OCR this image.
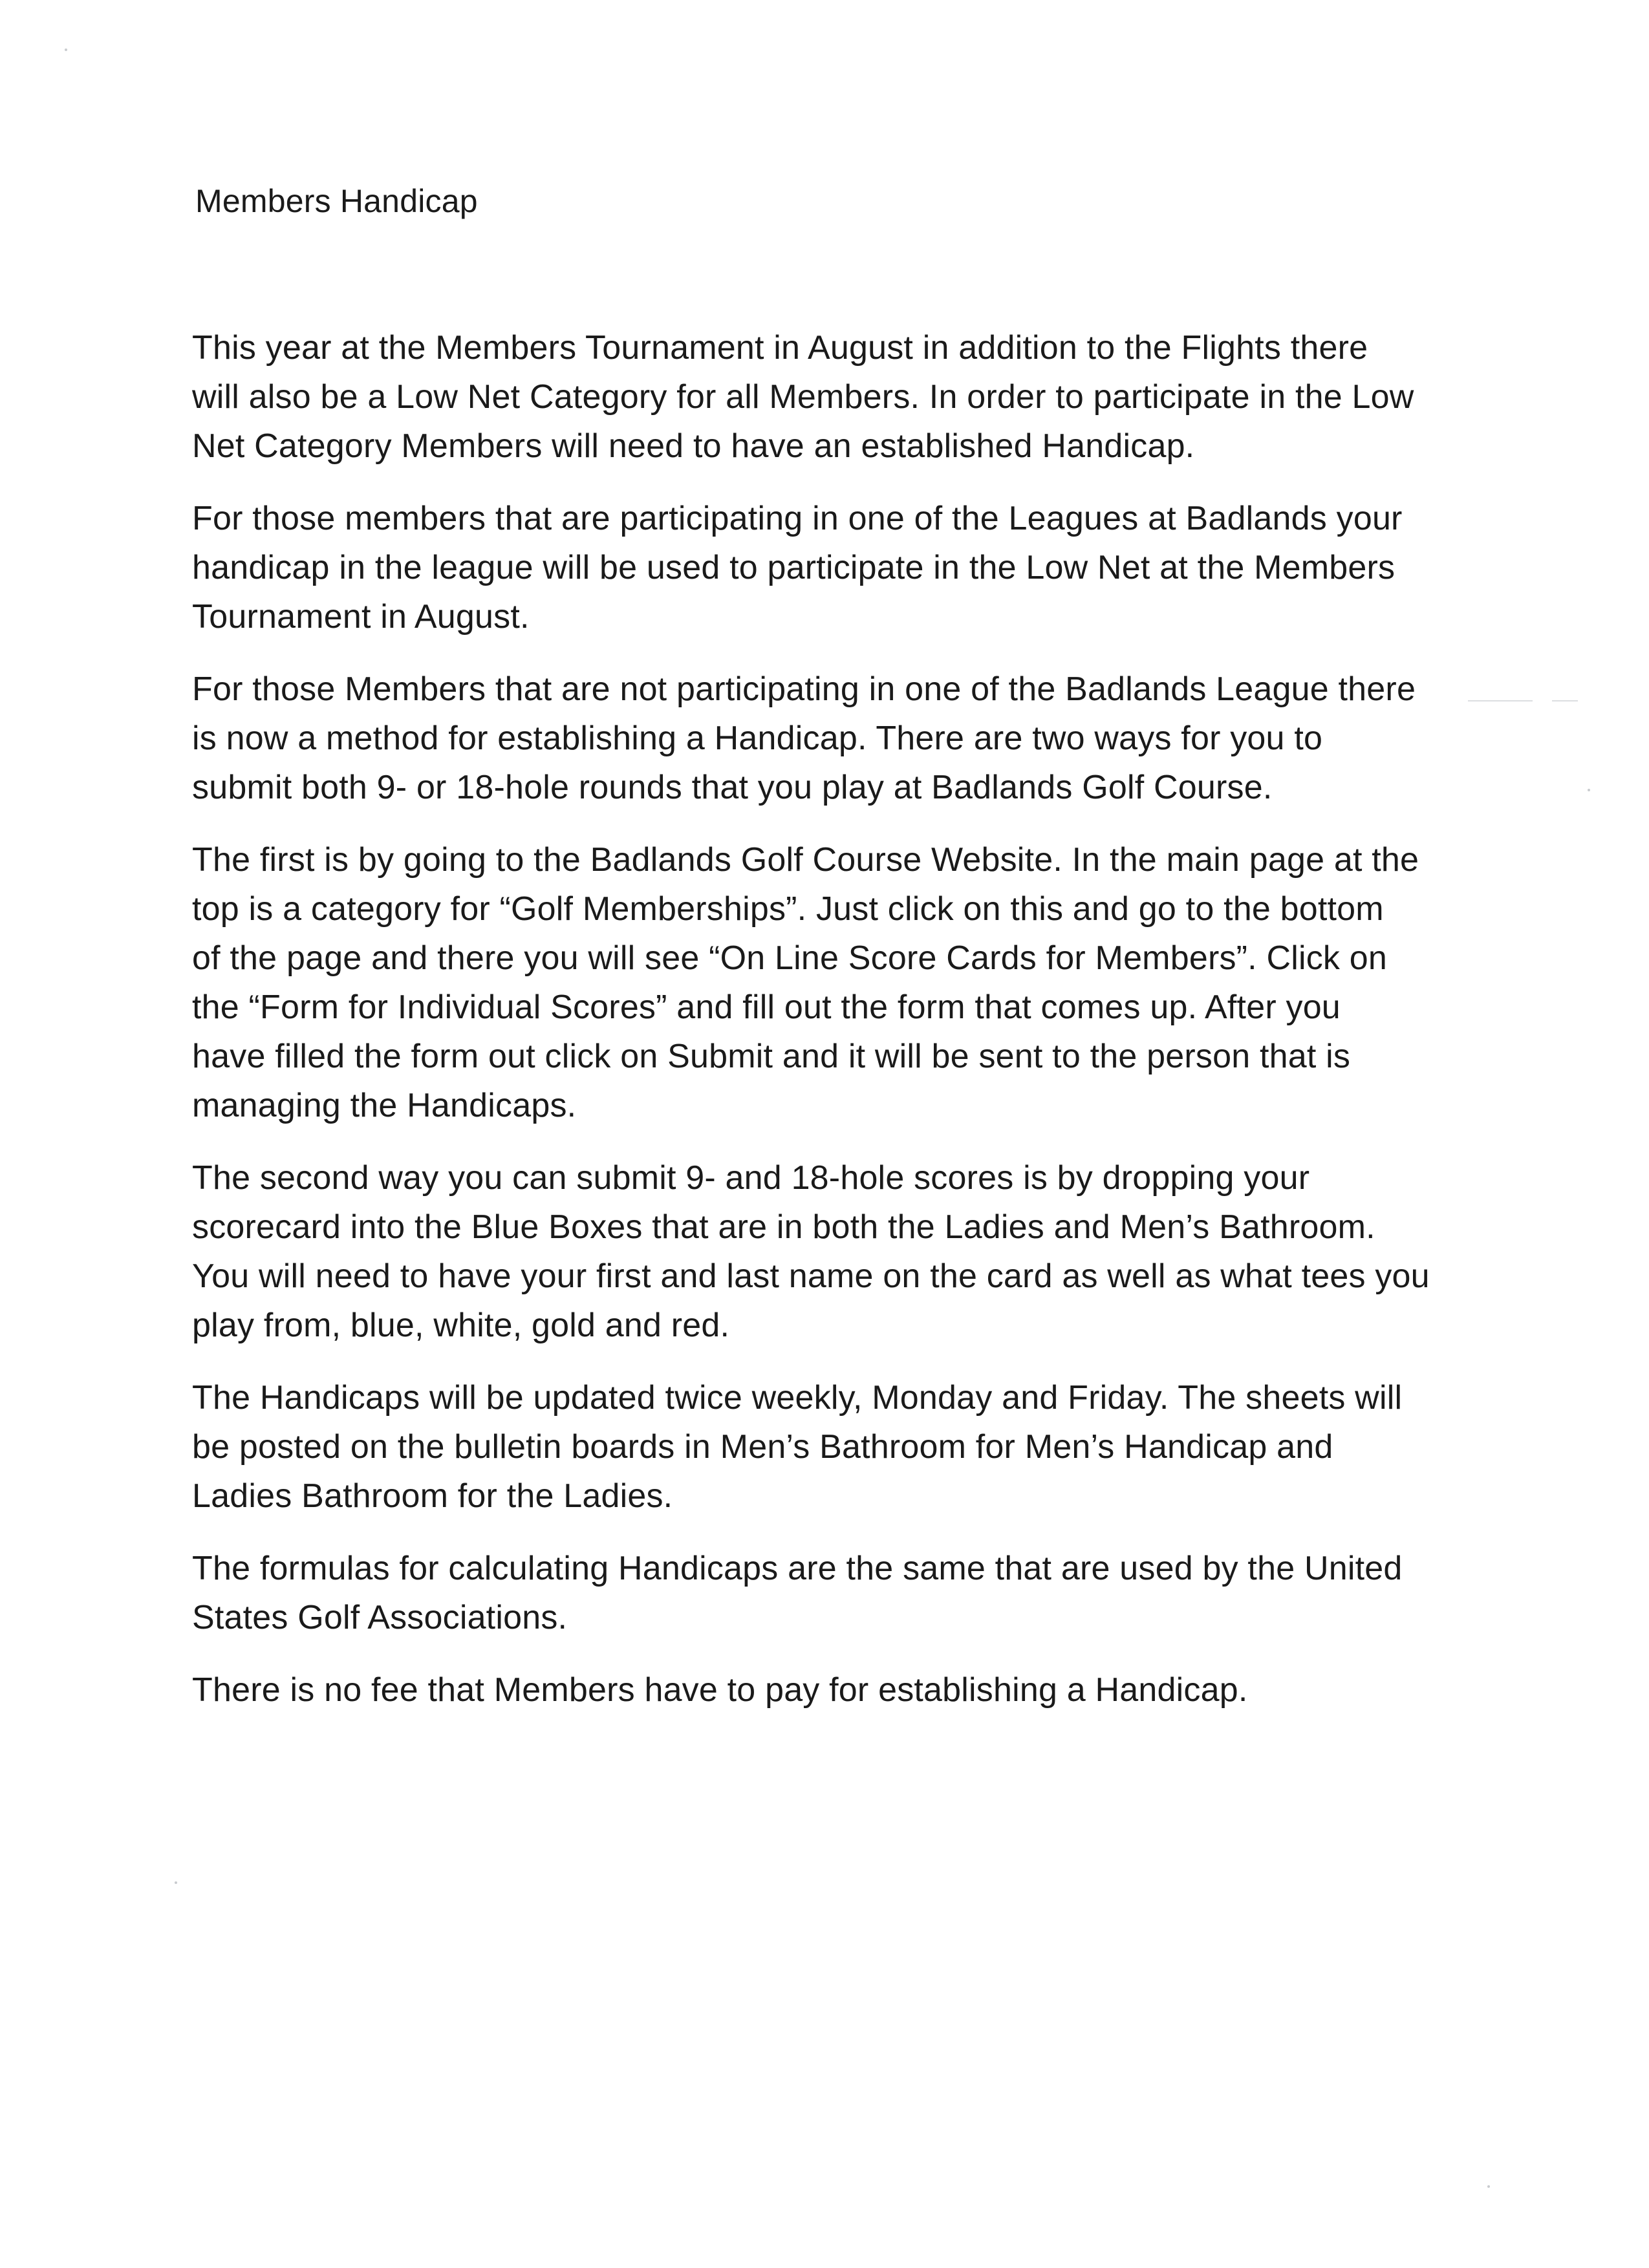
Members Handicap

This year at the Members Tournament in August in addition to the Flights there
will also be a Low Net Category for all Members. In order to participate in the Low
Net Category Members will need to have an established Handicap.

For those members that are participating in one of the Leagues at Badlands your
handicap in the league will be used to participate in the Low Net at the Members
Tournament in August.

For those Members that are not participating in one of the Badlands League there
is now a method for establishing a Handicap. There are two ways for you to
submit both 9- or 18-hole rounds that you play at Badlands Golf Course.

The first is by going to the Badlands Golf Course Website. In the main page at the
top is a category for “Golf Memberships”. Just click on this and go to the bottom
of the page and there you will see “On Line Score Cards for Members”. Click on
the “Form for Individual Scores” and fill out the form that comes up. After you
have filled the form out click on Submit and it will be sent to the person that is
managing the Handicaps.

The second way you can submit 9- and 18-hole scores is by dropping your
scorecard into the Blue Boxes that are in both the Ladies and Men’s Bathroom.
You will need to have your first and last name on the card as well as what tees you
play from, blue, white, gold and red.

The Handicaps will be updated twice weekly, Monday and Friday. The sheets will
be posted on the bulletin boards in Men’s Bathroom for Men’s Handicap and
Ladies Bathroom for the Ladies.

The formulas for calculating Handicaps are the same that are used by the United
States Golf Associations.

There is no fee that Members have to pay for establishing a Handicap.
